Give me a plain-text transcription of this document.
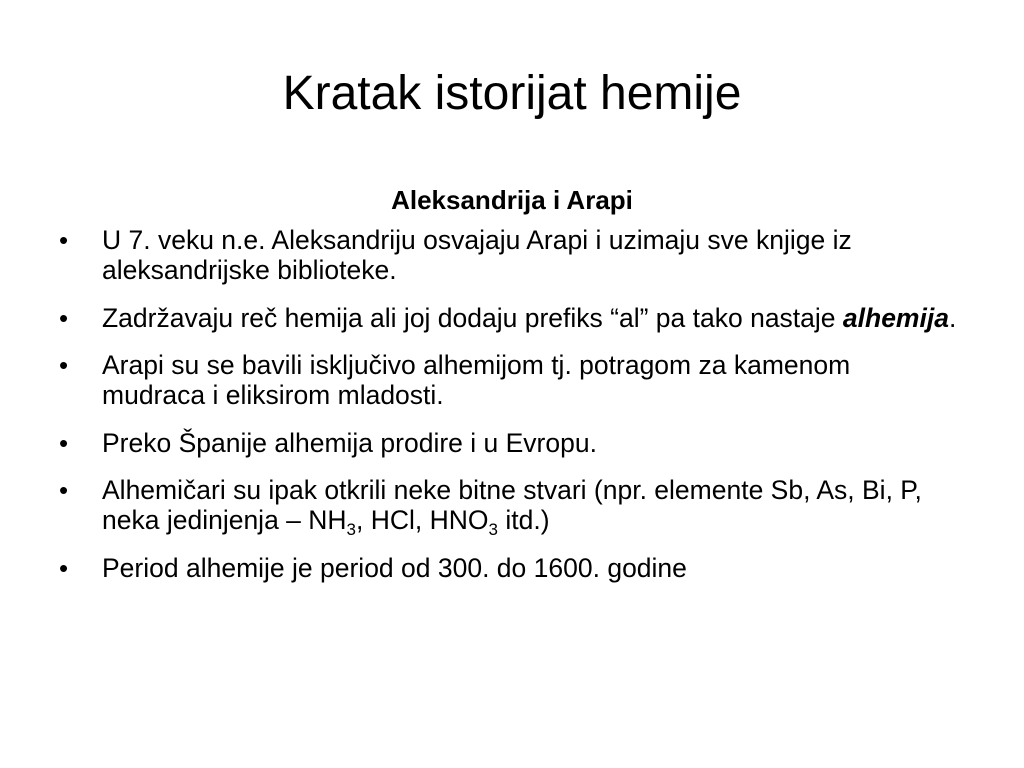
Kratak istorijat hemije
Aleksandrija i Arapi
•	U 7. veku n.e. Aleksandriju osvajaju Arapi i uzimaju sve knjige iz aleksandrijske biblioteke.
•	Zadržavaju reč hemija ali joj dodaju prefiks “al” pa tako nastaje alhemija.
•	Arapi su se bavili isključivo alhemijom tj. potragom za kamenom mudraca i eliksirom mladosti.
•	Preko Španije alhemija prodire i u Evropu.
•	Alhemičari su ipak otkrili neke bitne stvari (npr. elemente Sb, As, Bi, P, neka jedinjenja – $NH_3$, HCl, $HNO_3$ itd.)
•	Period alhemije je period od 300. do 1600. godine
